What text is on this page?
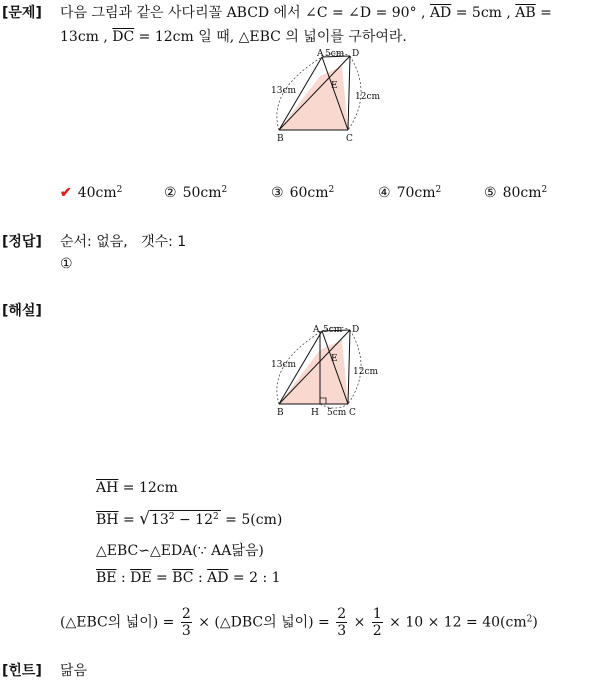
[문제]
[정답]
[해설]
[힌트]
다음 그림과 같은 사다리꼴 ABCD 에서 ∠C = ∠D = 90° , $\overline{AD} = 5cm$ , $\overline{AB}$ =
13cm , $\overline{DC} = 12cm$ 일 때, △EBC 의 넓이를 구하여라.
A	D
E
B	C
5cm
13cm
12cm
✔ $40cm^2$	② $50cm^2$	③ $60cm^2$	④ $70cm^2$	⑤ $80cm^2$
순서: 없음,   갯수: 1
①
A	D
E
B	H	C
5cm
13cm
12cm
5cm
$\overline{AH} = 12cm$
$\overline{BH} = √13^2 - 12^2 = 5(cm)$
△EBC∽△EDA(∵ AA닮음)
$\overline{BE}$ : $\overline{DE} = \overline{BC}$ : $\overline{AD} = 2$ : 1
(△EBC의 넓이) = $\frac{2}{3}$ × (△DBC의 넓이) = $\frac{2}{3} \times \frac{1}{2} \times 10 \times 12 = 40(cm^2)$
닮음
